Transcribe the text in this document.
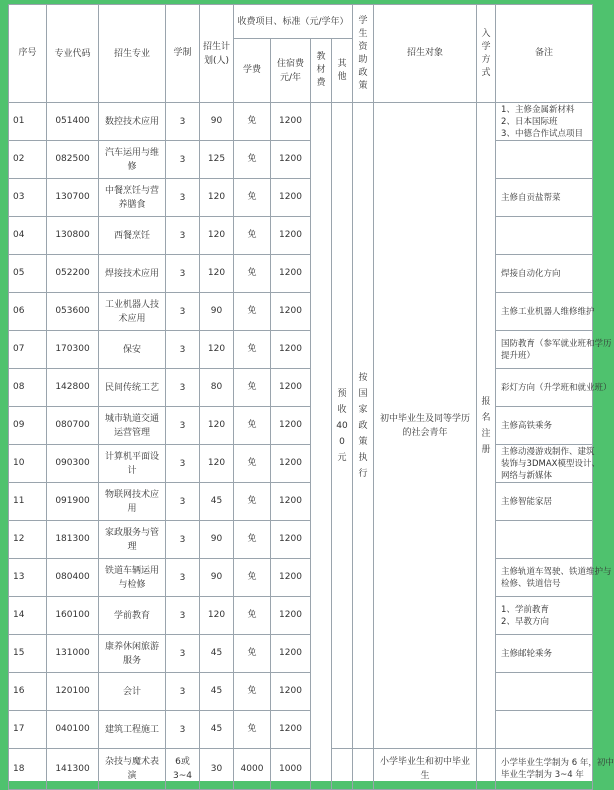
序号	专业代码	招生专业	学制	招生计划(人)	收费项目、标准（元/学年）				学生资助政策	招生对象	入学方式	备注
					学费	住宿费元/年	教材费	其他				
01	051400	数控技术应用	3	90	免	1200		预收400元	按国家政策执行	初中毕业生及同等学历的社会青年	报名注册	1、主修金属新材料
2、日本国际班
3、中德合作试点项目

02	082500	汽车运用与维修	3	125	免	1200						
03	130700	中餐烹饪与营养膳食	3	120	免	1200						主修自贡盐帮菜

04	130800	西餐烹饪	3	120	免	1200						
05	052200	焊接技术应用	3	120	免	1200						焊接自动化方向

06	053600	工业机器人技术应用	3	90	免	1200						主修工业机器人维修维护

07	170300	保安	3	120	免	1200						国防教育（参军就业班和学历
提升班）

08	142800	民间传统工艺	3	80	免	1200						彩灯方向（升学班和就业班）

09	080700	城市轨道交通运营管理	3	120	免	1200						主修高铁乘务

10	090300	计算机平面设计	3	120	免	1200						主修动漫游戏制作、建筑
装饰与3DMAX模型设计、
网络与新媒体

11	091900	物联网技术应用	3	45	免	1200						主修智能家居

12	181300	家政服务与管理	3	90	免	1200						
13	080400	铁道车辆运用与检修	3	90	免	1200						主修轨道车驾驶、铁道维护与
检修、铁道信号

14	160100	学前教育	3	120	免	1200						1、学前教育
2、早教方向

15	131000	康养休闲旅游服务	3	45	免	1200						主修邮轮乘务

16	120100	会计	3	45	免	1200						
17	040100	建筑工程施工	3	45	免	1200						
18	141300	杂技与魔术表演	6或3~4	30	4000	1000				小学毕业生和初中毕业生		小学毕业生学制为 6 年，初中
毕业生学制为 3~4 年
